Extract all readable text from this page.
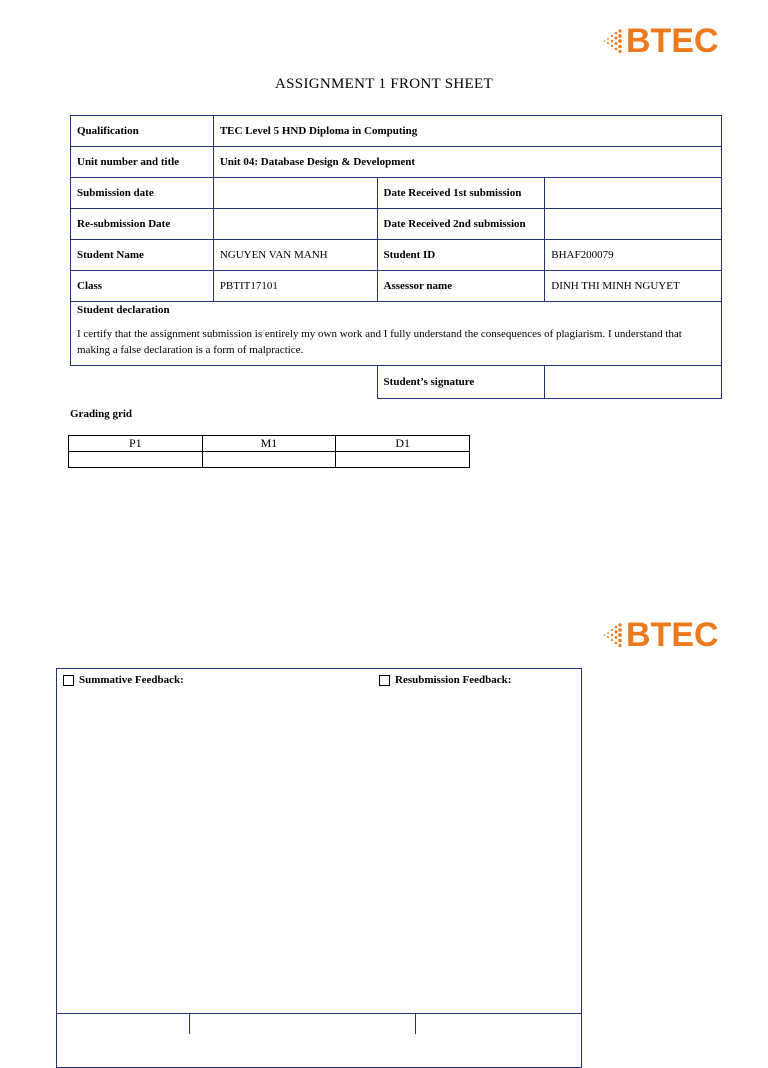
BTEC
ASSIGNMENT 1 FRONT SHEET
Qualification	TEC Level 5 HND Diploma in Computing		
Unit number and title	Unit 04: Database Design & Development		
Submission date		Date Received 1st submission	
Re-submission Date		Date Received 2nd submission	
Student Name	NGUYEN VAN MANH	Student ID	BHAF200079
Class	PBTIT17101	Assessor name	DINH THI MINH NGUYET

Student declaration
I certify that the assignment submission is entirely my own work and I fully understand the consequences of plagiarism. I understand that making a false declaration is a form of malpractice.			

		Student’s signature	
Grading grid
P1	M1	D1

BTEC
Summative Feedback:	Resubmission Feedback:
